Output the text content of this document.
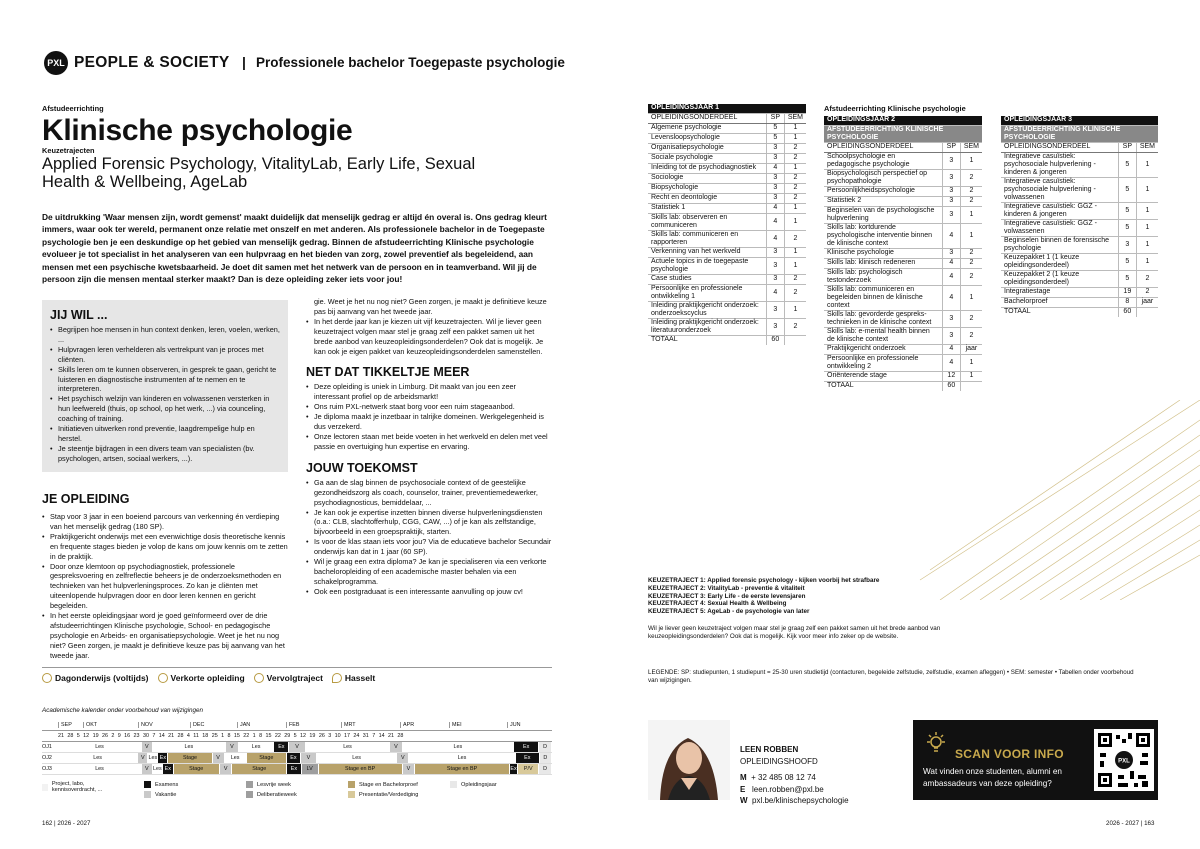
PXL PEOPLE & SOCIETY | Professionele bachelor Toegepaste psychologie
Afstudeerrichting
Klinische psychologie
Keuzetrajecten
Applied Forensic Psychology, VitalityLab, Early Life, Sexual Health & Wellbeing, AgeLab
De uitdrukking 'Waar mensen zijn, wordt gemenst' maakt duidelijk dat menselijk gedrag er altijd én overal is. Ons gedrag kleurt immers, waar ook ter wereld, permanent onze relatie met onszelf en met anderen. Als professionele bachelor in de Toegepaste psychologie ben je een deskundige op het gebied van menselijk gedrag. Binnen de afstudeerrichting Klinische psychologie evolueer je tot specialist in het analyseren van een hulpvraag en het bieden van zorg, zowel preventief als begeleidend, aan mensen met een psychische kwetsbaarheid. Je doet dit samen met het netwerk van de persoon en in teamverband. Wil jij de persoon zijn die mensen mentaal sterker maakt? Dan is deze opleiding zeker iets voor jou!
JIJ WIL ...
• Begrijpen hoe mensen in hun context denken, leren, voelen, werken, ...
• Hulpvragen leren verhelderen als vertrekpunt van je proces met cliënten.
• Skills leren om te kunnen observeren, in gesprek te gaan, gericht te luisteren en diagnostische instrumenten af te nemen en te interpreteren.
• Het psychisch welzijn van kinderen en volwassenen versterken in hun leefwereld (thuis, op school, op het werk, ...) via counceling, coaching of training.
• Initiatieven uitwerken rond preventie, laagdrempelige hulp en herstel.
• Je steentje bijdragen in een divers team van specialisten (bv. psychologen, artsen, sociaal werkers, ...).
JE OPLEIDING
• Stap voor 3 jaar in een boeiend parcours van verkenning én verdieping van het menselijk gedrag (180 SP).
• Praktijkgericht onderwijs met een evenwichtige dosis theoretische kennis en frequente stages bieden je volop de kans om jouw kennis om te zetten in de praktijk.
• Door onze klemtoon op psychodiagnostiek, professionele gespreksvoering en zelfreflectie beheers je de onderzoeksmethoden en technieken van het hulpverleningsproces. Zo kan je cliënten met uiteenlopende hulpvragen door en door leren kennen en gericht begeleiden.
• In het eerste opleidingsjaar word je goed geïnformeerd over de drie afstudeerrichtingen Klinische psychologie, School- en pedagogische psychologie en Arbeids- en organisatiepsychologie. Weet je het nu nog niet? Geen zorgen, je maakt je definitieve keuze pas bij aanvang van het tweede jaar.
gie. Weet je het nu nog niet? Geen zorgen, je maakt je definitieve keuze pas bij aanvang van het tweede jaar.
• In het derde jaar kan je kiezen uit vijf keuzetrajecten. Wil je liever geen keuzetraject volgen maar stel je graag zelf een pakket samen uit het brede aanbod van keuzeopleidingsonderdelen? Ook dat is mogelijk. Je kan ook je eigen pakket van keuzeopleidingsonderdelen samenstellen.
NET DAT TIKKELTJE MEER
• Deze opleiding is uniek in Limburg. Dit maakt van jou een zeer interessant profiel op de arbeidsmarkt!
• Ons ruim PXL-netwerk staat borg voor een ruim stageaanbod.
• Je diploma maakt je inzetbaar in talrijke domeinen. Werkgelegenheid is dus verzekerd.
• Onze lectoren staan met beide voeten in het werkveld en delen met veel passie en overtuiging hun expertise en ervaring.
JOUW TOEKOMST
• Ga aan de slag binnen de psychosociale context of de geestelijke gezondheidszorg als coach, counselor, trainer, preventiemedewerker, psychodiagnosticus, bemiddelaar, ...
• Je kan ook je expertise inzetten binnen diverse hulpverleningsdiensten (o.a.: CLB, slachtofferhulp, CGG, CAW, ...) of je kan als zelfstandige, bijvoorbeeld in een groepspraktijk, starten.
• Is voor de klas staan iets voor jou? Via de educatieve bachelor Secundair onderwijs kan dat in 1 jaar (60 SP).
• Wil je graag een extra diploma? Je kan je specialiseren via een verkorte bacheloropleiding of een academische master behalen via een schakelprogramma.
• Ook een postgraduaat is een interessante aanvulling op jouw cv!
Dagonderwijs (voltijds)	Verkorte opleiding	Vervolgtraject	Hasselt
Academische kalender onder voorbehoud van wijzigingen
SEP	OKT	NOV	DEC	JAN	FEB	MRT	APR	MEI	JUN
21 28 5 12 19 26 2 9 16 23 30 7 14 21 28 4 11 18 25 1 8 15 22 1 8 15 22 29 5 12 19 26 3 10 17 24 31 7 14 21 28
OJ1	Les	V	Les	V	Les	Ex	V	Les	V	Les	Ex	D
OJ2	Les	V Les Ex	Stage	V	Les	Stage	Ex	V	Les	V	Les	Ex	D
OJ3	Les	V Les Ex	Stage	V	Stage	Ex	LV	Stage en BP	V	Stage en BP	Ex	P/V	D
Project, labo, kennisoverdracht, ...
Examens	Lesvrije week	Stage en Bachelorproef	Opleidingsjaar
Vakantie	Deliberatieweek	Presentatie/Verdediging
OPLEIDINGSJAAR 1		
OPLEIDINGSONDERDEEL	SP	SEM
Algemene psychologie	5	1
Levensloopsychologie	5	1
Organisatiepsychologie	3	2
Sociale psychologie	3	2
Inleiding tot de psychodiagnostiek	4	1
Sociologie	3	2
Biopsychologie	3	2
Recht en deontologie	3	2
Statistiek 1	4	1
Skills lab: observeren en communiceren	4	1
Skills lab: communiceren en rapporteren	4	2
Verkenning van het werkveld	3	1
Actuele topics in de toegepaste psychologie	3	1
Case studies	3	2
Persoonlijke en professionele ontwikkeling 1	4	2
Inleiding praktijkgericht onderzoek: onderzoekscyclus	3	1
Inleiding praktijkgericht onderzoek: literatuuronderzoek	3	2
TOTAAL	60	
Afstudeerrichting Klinische psychologie
OPLEIDINGSJAAR 2		
AFSTUDEERRICHTING KLINISCHE PSYCHOLOGIE		
OPLEIDINGSONDERDEEL	SP	SEM
Schoolpsychologie en pedagogische psychologie	3	1
Biopsychologisch perspectief op psychopathologie	3	2
Persoonlijkheidspsychologie	3	2
Statistiek 2	3	2
Beginselen van de psychologische hulpverlening	3	1
Skills lab: kortdurende psychologische interventie binnen de klinische context	4	1
Klinische psychologie	3	2
Skills lab: klinisch redeneren	4	2
Skills lab: psychologisch testonderzoek	4	2
Skills lab: communiceren en begeleiden binnen de klinische context	4	1
Skills lab: gevorderde gesprekstechnieken in de klinische context	3	2
Skills lab: e-mental health binnen de klinische context	3	2
Praktijkgericht onderzoek	4	jaar
Persoonlijke en professionele ontwikkeling 2	4	1
Oriënterende stage	12	1
TOTAAL	60	
OPLEIDINGSJAAR 3		
AFSTUDEERRICHTING KLINISCHE PSYCHOLOGIE		
OPLEIDINGSONDERDEEL	SP	SEM
Integratieve casuïstiek: psychosociale hulpverlening - kinderen & jongeren	5	1
Integratieve casuïstiek: psychosociale hulpverlening - volwassenen	5	1
Integratieve casuïstiek: GGZ - kinderen & jongeren	5	1
Integratieve casuïstiek: GGZ - volwassenen	5	1
Beginselen binnen de forensische psychologie	3	1
Keuzepakket 1 (1 keuze opleidingsonderdeel)	5	1
Keuzepakket 2 (1 keuze opleidingsonderdeel)	5	2
Integratiestage	19	2
Bachelorproef	8	jaar
TOTAAL	60	
KEUZETRAJECT 1: Applied forensic psychology - kijken voorbij het strafbare
KEUZETRAJECT 2: VitalityLab - preventie & vitaliteit
KEUZETRAJECT 3: Early Life - de eerste levensjaren
KEUZETRAJECT 4: Sexual Health & Wellbeing
KEUZETRAJECT 5: AgeLab - de psychologie van later
Wil je liever geen keuzetraject volgen maar stel je graag zelf een pakket samen uit het brede aanbod van keuzeopleidingsonderdelen? Ook dat is mogelijk. Kijk voor meer info zeker op de website.
LEGENDE: SP: studiepunten, 1 studiepunt = 25-30 uren studietijd (contacturen, begeleide zelfstudie, zelfstudie, examen afleggen) • SEM: semester • Tabellen onder voorbehoud van wijzigingen.
LEEN ROBBEN
OPLEIDINGSHOOFD
M + 32 485 08 12 74
E leen.robben@pxl.be
W pxl.be/klinischepsychologie
SCAN VOOR INFO
Wat vinden onze studenten, alumni en ambassadeurs van deze opleiding?
PXL
162 | 2026 - 2027	2026 - 2027 | 163
